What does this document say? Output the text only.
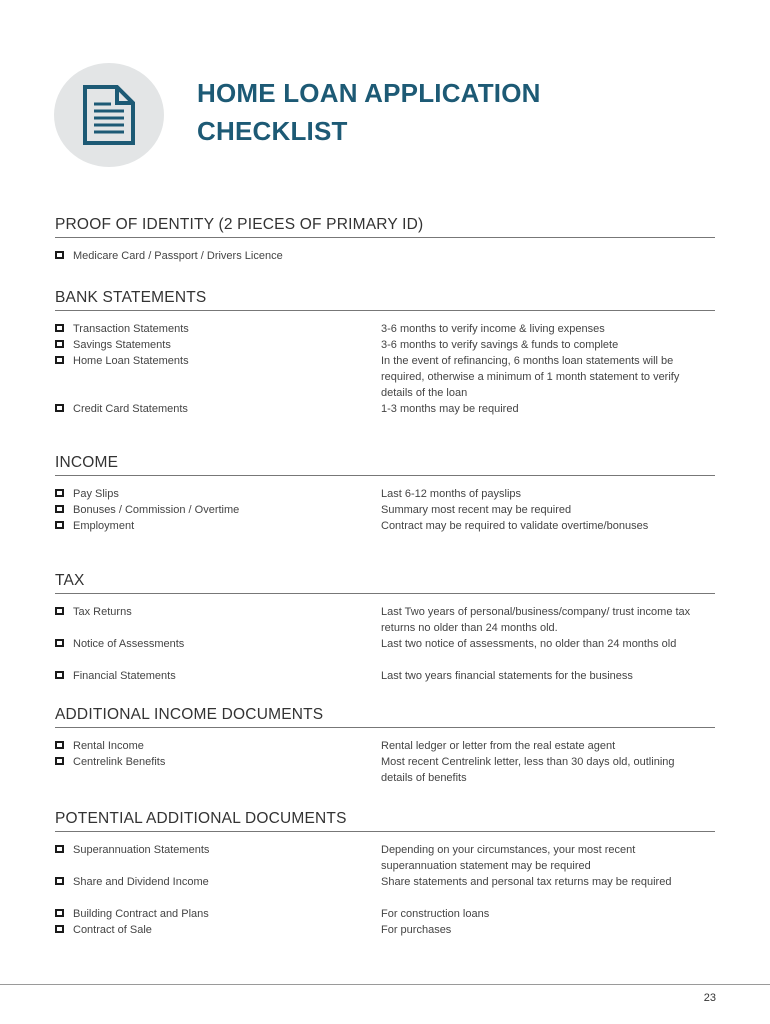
HOME LOAN APPLICATION
CHECKLIST
PROOF OF IDENTITY (2 PIECES OF PRIMARY ID)
Medicare Card / Passport / Drivers Licence
BANK STATEMENTS
Transaction Statements	3-6 months to verify income & living expenses
Savings Statements	3-6 months to verify savings & funds to complete
Home Loan Statements	In the event of refinancing, 6 months loan statements will be required, otherwise a minimum of 1 month statement to verify details of the loan
Credit Card Statements	1-3 months may be required
INCOME
Pay Slips	Last 6-12 months of payslips
Bonuses / Commission / Overtime	Summary most recent may be required
Employment	Contract may be required to validate overtime/bonuses
TAX
Tax Returns	Last Two years of personal/business/company/ trust income tax returns no older than 24 months old.
Notice of Assessments	Last two notice of assessments, no older than 24 months old
Financial Statements	Last two years financial statements for the business
ADDITIONAL INCOME DOCUMENTS
Rental Income	Rental ledger or letter from the real estate agent
Centrelink Benefits	Most recent Centrelink letter, less than 30 days old, outlining details of benefits
POTENTIAL ADDITIONAL DOCUMENTS
Superannuation Statements	Depending on your circumstances, your most recent superannuation statement may be required
Share and Dividend Income	Share statements and personal tax returns may be required
Building Contract and Plans	For construction loans
Contract of Sale	For purchases
23
